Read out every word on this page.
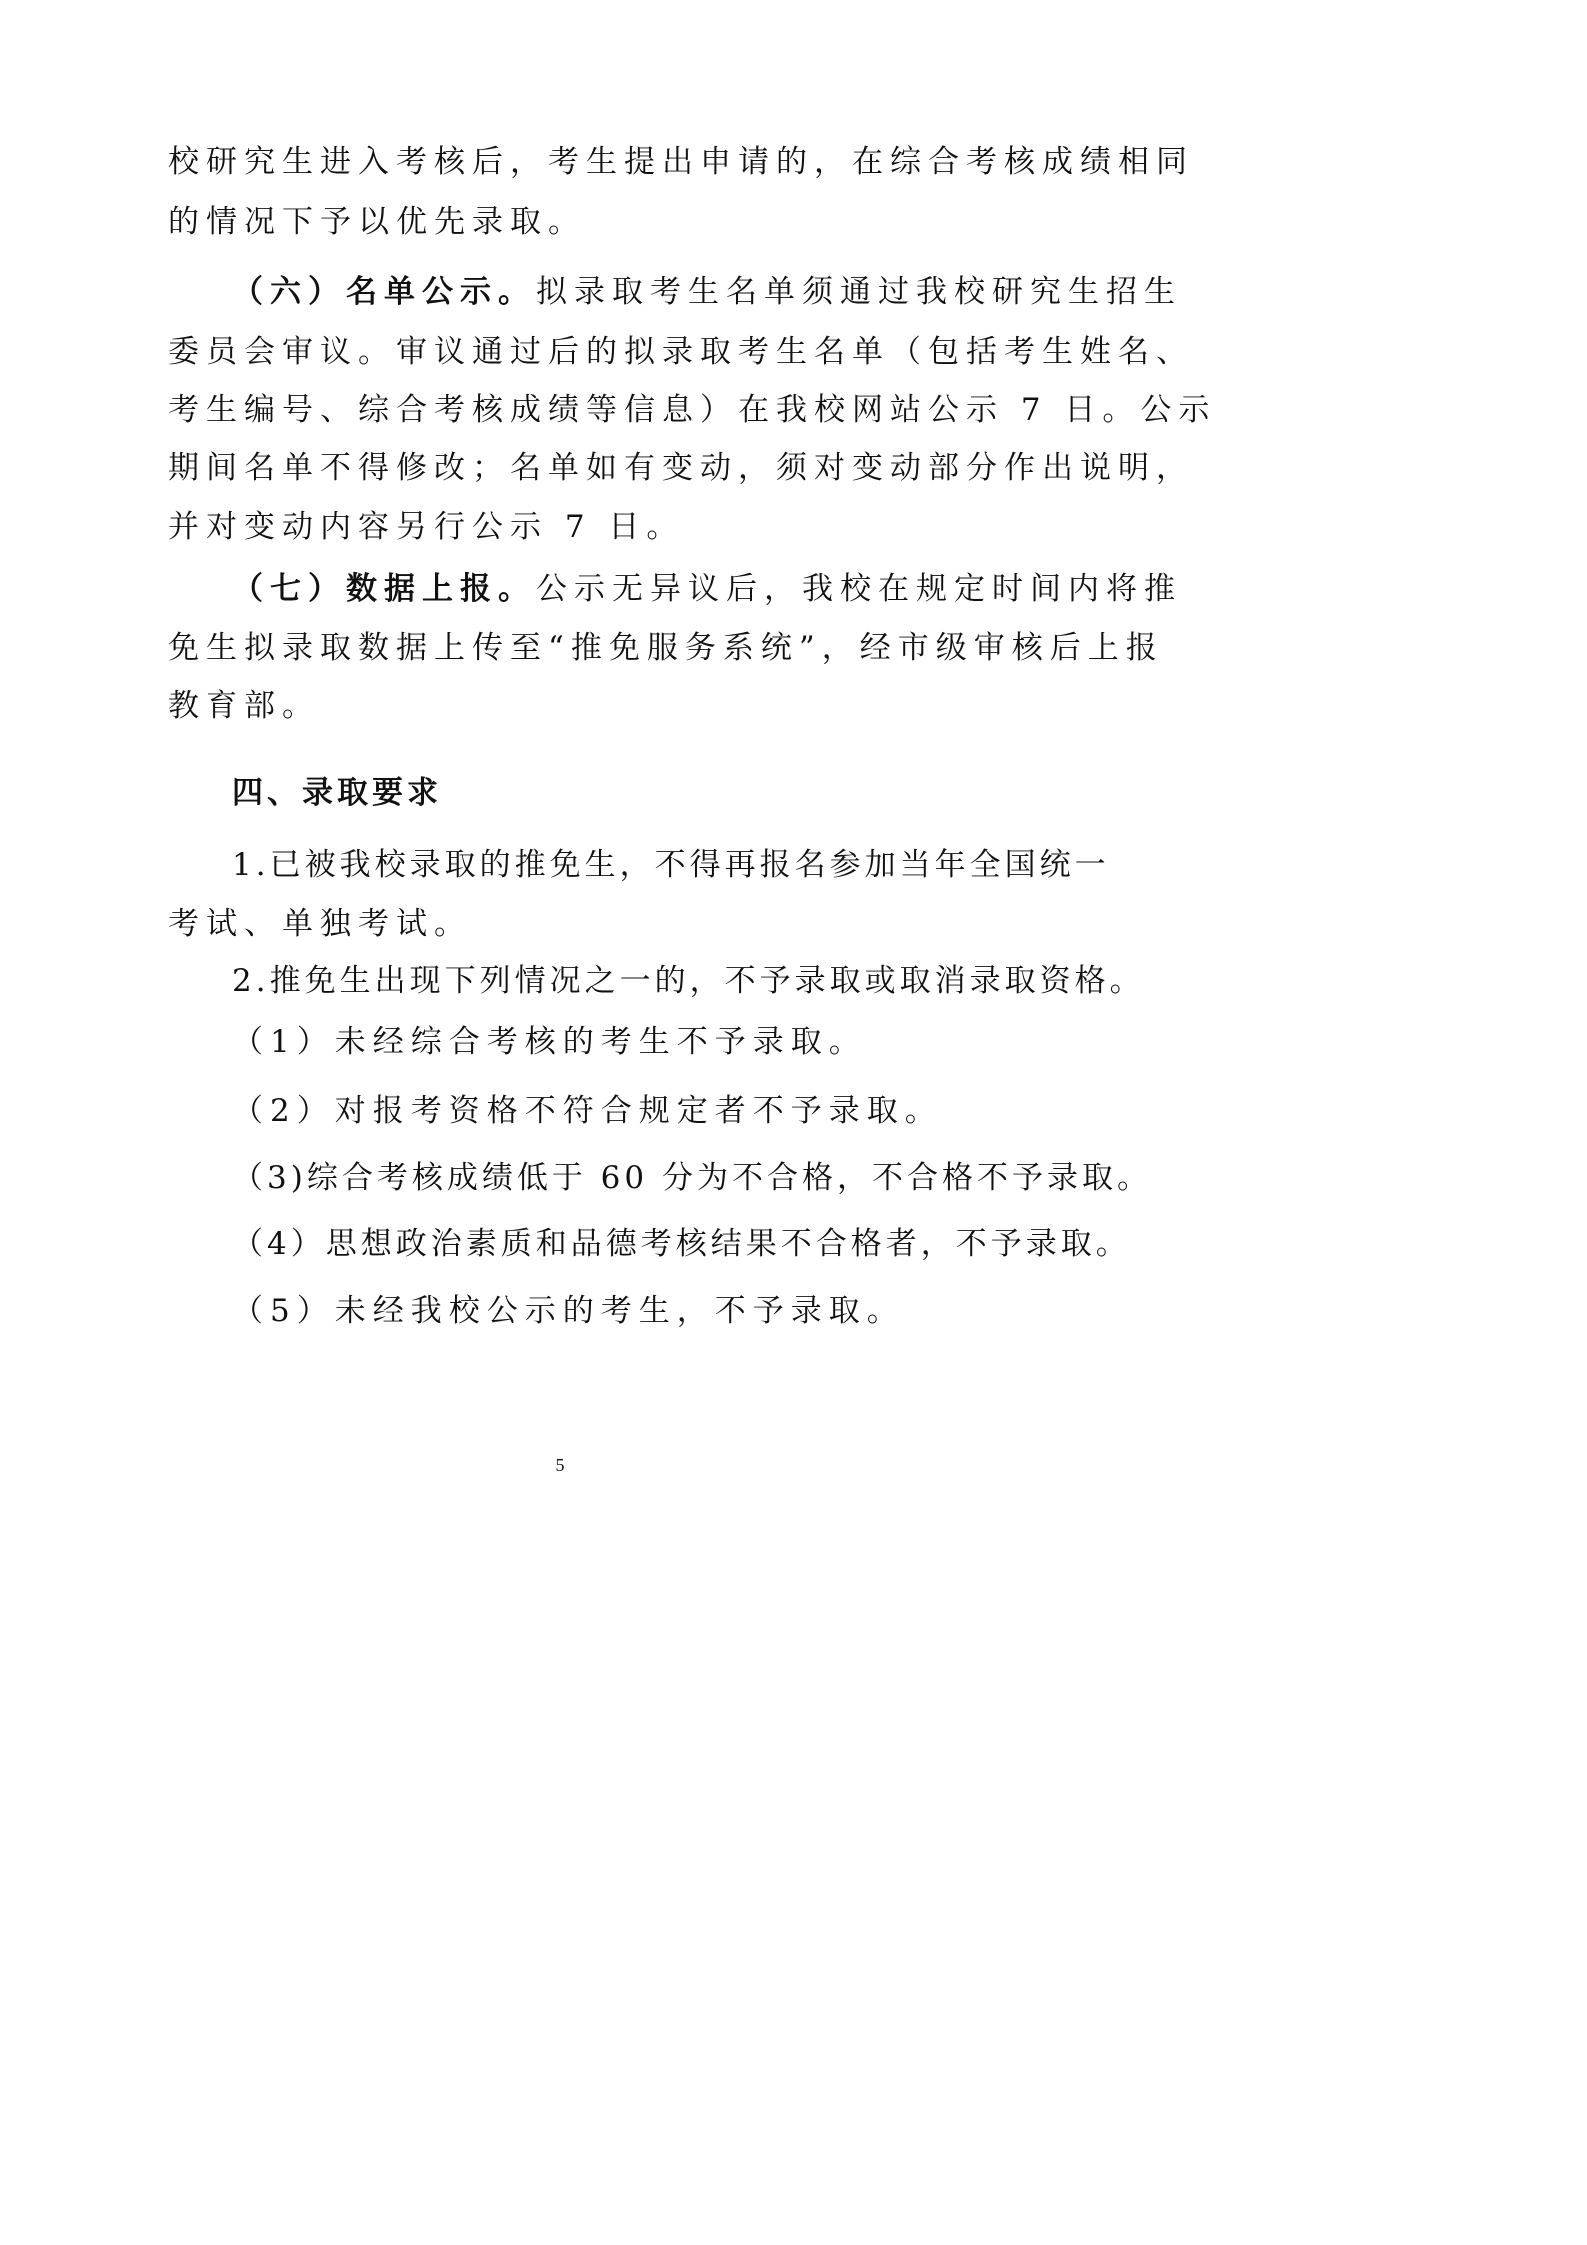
校研究生进入考核后，考生提出申请的，在综合考核成绩相同
的情况下予以优先录取。
（六）名单公示。拟录取考生名单须通过我校研究生招生
委员会审议。审议通过后的拟录取考生名单（包括考生姓名、
考生编号、综合考核成绩等信息）在我校网站公示 7 日。公示
期间名单不得修改；名单如有变动，须对变动部分作出说明，
并对变动内容另行公示 7 日。
（七）数据上报。公示无异议后，我校在规定时间内将推
免生拟录取数据上传至“推免服务系统”，经市级审核后上报
教育部。
四、录取要求
1.已被我校录取的推免生，不得再报名参加当年全国统一
考试、单独考试。
2.推免生出现下列情况之一的，不予录取或取消录取资格。
（1）未经综合考核的考生不予录取。
（2）对报考资格不符合规定者不予录取。
（3)综合考核成绩低于 60 分为不合格，不合格不予录取。
（4）思想政治素质和品德考核结果不合格者，不予录取。
（5）未经我校公示的考生，不予录取。
5
